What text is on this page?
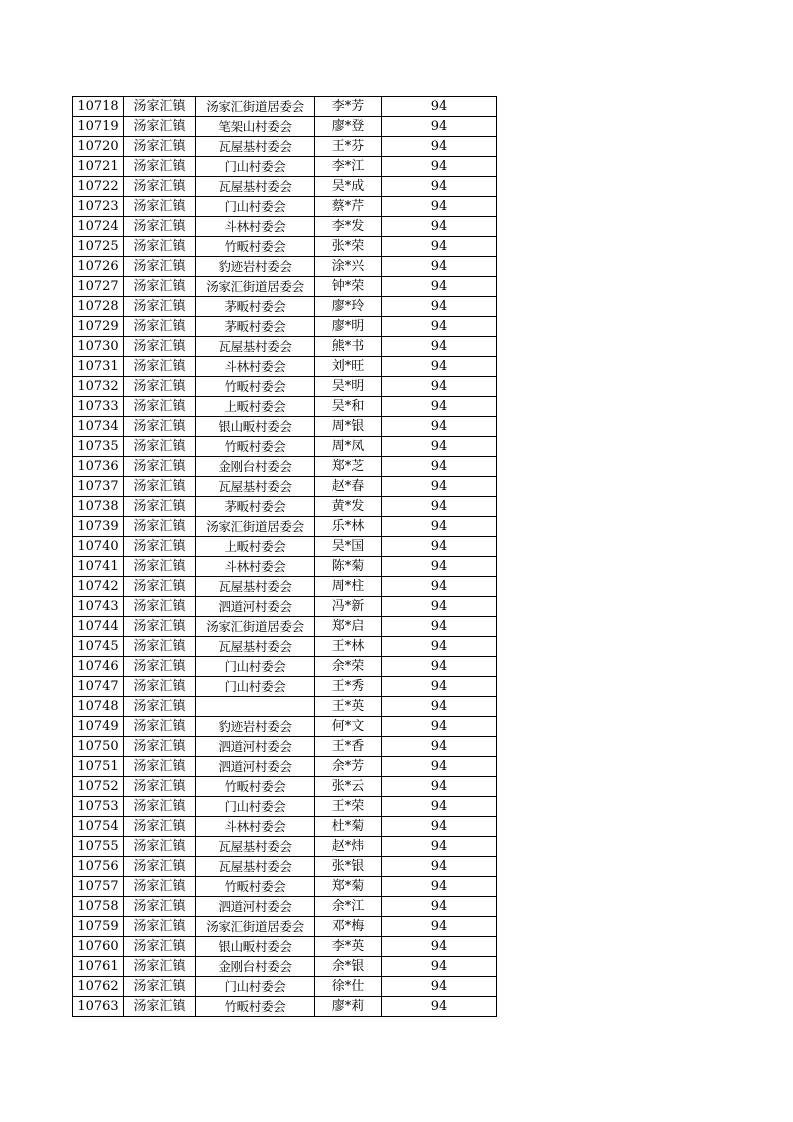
10718	汤家汇镇	汤家汇街道居委会	李*芳	94
10719	汤家汇镇	笔架山村委会	廖*登	94
10720	汤家汇镇	瓦屋基村委会	王*芬	94
10721	汤家汇镇	门山村委会	李*江	94
10722	汤家汇镇	瓦屋基村委会	吴*成	94
10723	汤家汇镇	门山村委会	蔡*芹	94
10724	汤家汇镇	斗林村委会	李*发	94
10725	汤家汇镇	竹畈村委会	张*荣	94
10726	汤家汇镇	豹迹岩村委会	涂*兴	94
10727	汤家汇镇	汤家汇街道居委会	钟*荣	94
10728	汤家汇镇	茅畈村委会	廖*玲	94
10729	汤家汇镇	茅畈村委会	廖*明	94
10730	汤家汇镇	瓦屋基村委会	熊*书	94
10731	汤家汇镇	斗林村委会	刘*旺	94
10732	汤家汇镇	竹畈村委会	吴*明	94
10733	汤家汇镇	上畈村委会	吴*和	94
10734	汤家汇镇	银山畈村委会	周*银	94
10735	汤家汇镇	竹畈村委会	周*凤	94
10736	汤家汇镇	金刚台村委会	郑*芝	94
10737	汤家汇镇	瓦屋基村委会	赵*春	94
10738	汤家汇镇	茅畈村委会	黄*发	94
10739	汤家汇镇	汤家汇街道居委会	乐*林	94
10740	汤家汇镇	上畈村委会	吴*国	94
10741	汤家汇镇	斗林村委会	陈*菊	94
10742	汤家汇镇	瓦屋基村委会	周*柱	94
10743	汤家汇镇	泗道河村委会	冯*新	94
10744	汤家汇镇	汤家汇街道居委会	郑*启	94
10745	汤家汇镇	瓦屋基村委会	王*林	94
10746	汤家汇镇	门山村委会	余*荣	94
10747	汤家汇镇	门山村委会	王*秀	94
10748	汤家汇镇		王*英	94
10749	汤家汇镇	豹迹岩村委会	何*文	94
10750	汤家汇镇	泗道河村委会	王*香	94
10751	汤家汇镇	泗道河村委会	余*芳	94
10752	汤家汇镇	竹畈村委会	张*云	94
10753	汤家汇镇	门山村委会	王*荣	94
10754	汤家汇镇	斗林村委会	杜*菊	94
10755	汤家汇镇	瓦屋基村委会	赵*炜	94
10756	汤家汇镇	瓦屋基村委会	张*银	94
10757	汤家汇镇	竹畈村委会	郑*菊	94
10758	汤家汇镇	泗道河村委会	余*江	94
10759	汤家汇镇	汤家汇街道居委会	邓*梅	94
10760	汤家汇镇	银山畈村委会	李*英	94
10761	汤家汇镇	金刚台村委会	余*银	94
10762	汤家汇镇	门山村委会	徐*仕	94
10763	汤家汇镇	竹畈村委会	廖*莉	94
